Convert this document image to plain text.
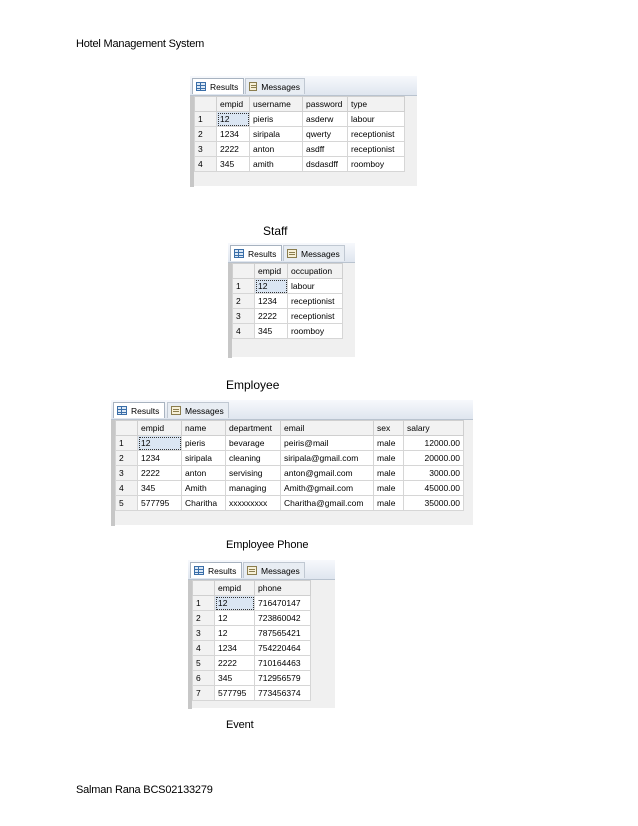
Hotel Management System
Results	Messages
	empid	username	password	type
1	12	pieris	asderw	labour
2	1234	siripala	qwerty	receptionist
3	2222	anton	asdff	receptionist
4	345	amith	dsdasdff	roomboy
Staff
Results	Messages
	empid	occupation
1	12	labour
2	1234	receptionist
3	2222	receptionist
4	345	roomboy
Employee
Results	Messages
	empid	name	department	email	sex	salary
1	12	pieris	bevarage	peiris@mail	male	12000.00
2	1234	siripala	cleaning	siripala@gmail.com	male	20000.00
3	2222	anton	servising	anton@gmail.com	male	3000.00
4	345	Amith	managing	Amith@gmail.com	male	45000.00
5	577795	Charitha	xxxxxxxxx	Charitha@gmail.com	male	35000.00
Employee Phone
Results	Messages
	empid	phone
1	12	716470147
2	12	723860042
3	12	787565421
4	1234	754220464
5	2222	710164463
6	345	712956579
7	577795	773456374
Event
Salman Rana BCS02133279
